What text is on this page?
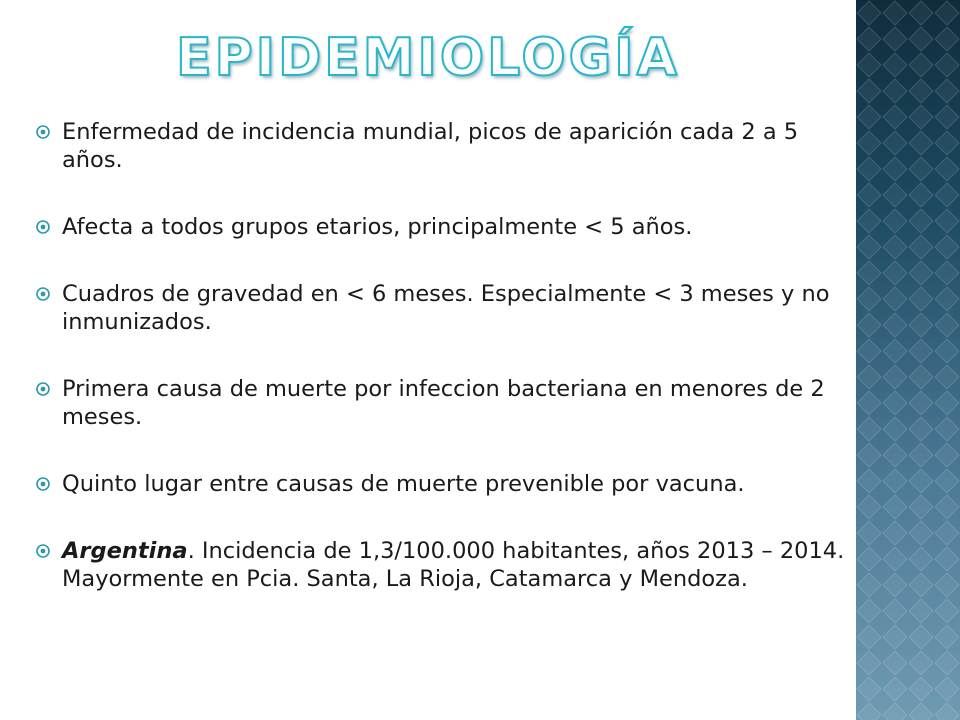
EPIDEMIOLOGÍA
Enfermedad de incidencia mundial, picos de aparición cada 2 a 5 años.
Afecta a todos grupos etarios, principalmente < 5 años.
Cuadros de gravedad en < 6 meses. Especialmente < 3 meses y no inmunizados.
Primera causa de muerte por infeccion bacteriana en menores de 2 meses.
Quinto lugar entre causas de muerte prevenible por vacuna.
Argentina. Incidencia de 1,3/100.000 habitantes, años 2013 – 2014. Mayormente en Pcia. Santa, La Rioja, Catamarca y Mendoza.
